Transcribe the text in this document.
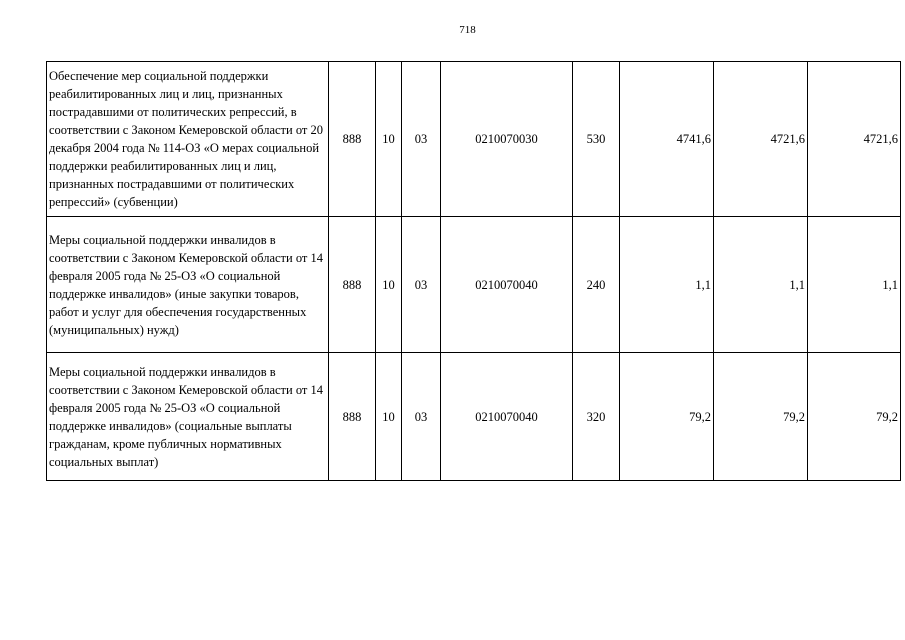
718
Обеспечение мер социальной поддержки реабилитированных лиц и лиц, признанных пострадавшими от политических репрессий, в соответствии с Законом Кемеровской области от 20 декабря 2004 года № 114-ОЗ «О мерах социальной поддержки реабилитированных лиц и лиц, признанных пострадавшими от политических репрессий» (субвенции)	888	10	03	0210070030	530	4741,6	4721,6	4721,6
Меры социальной поддержки инвалидов в соответствии с Законом Кемеровской области от 14 февраля 2005 года № 25-ОЗ «О социальной поддержке инвалидов» (иные закупки товаров, работ и услуг для обеспечения государственных (муниципальных) нужд)	888	10	03	0210070040	240	1,1	1,1	1,1
Меры социальной поддержки инвалидов в соответствии с Законом Кемеровской области от 14 февраля 2005 года № 25-ОЗ «О социальной поддержке инвалидов» (социальные выплаты гражданам, кроме публичных нормативных социальных выплат)	888	10	03	0210070040	320	79,2	79,2	79,2
